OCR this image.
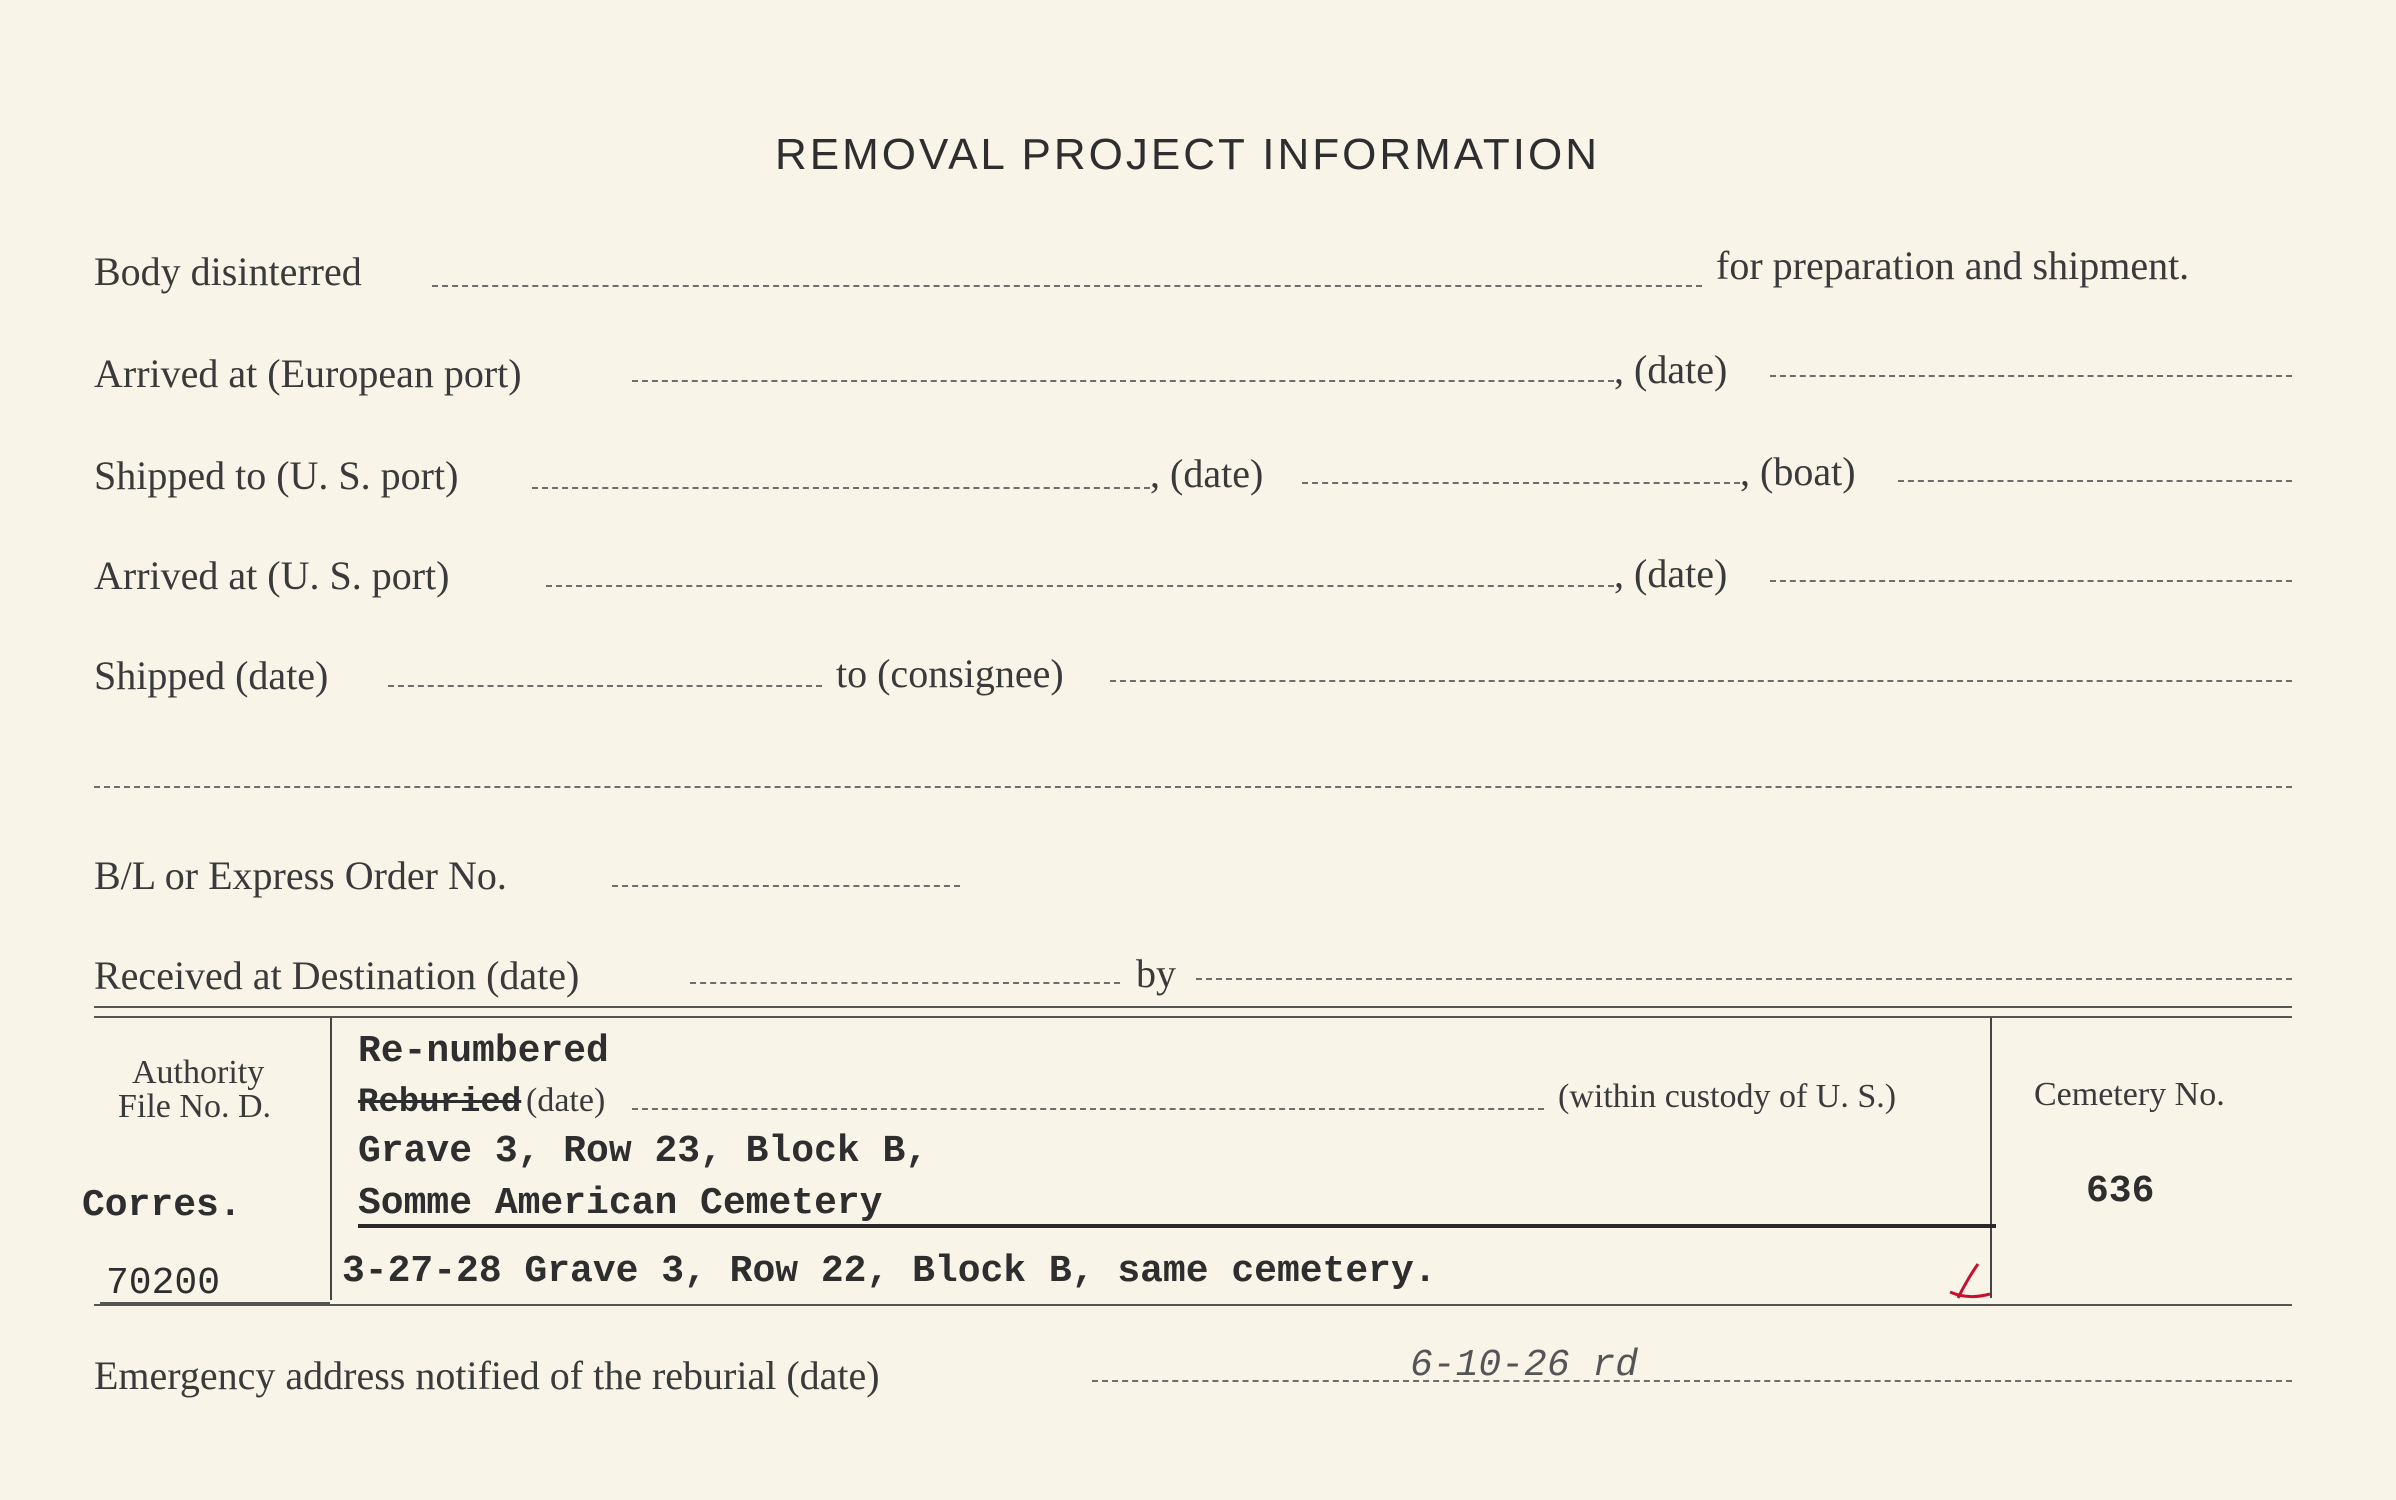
REMOVAL PROJECT INFORMATION
Body disinterred	for preparation and shipment.
Arrived at (European port)	, (date)
Shipped to (U. S. port)	, (date)	, (boat)
Arrived at (U. S. port)	, (date)
Shipped (date)	to (consignee)
B/L or Express Order No.
Received at Destination (date)	by
Authority
File No. D.
Corres.
70200
Re-numbered
Reburied (date)	(within custody of U. S.)
Grave 3, Row 23, Block B,
Somme American Cemetery
3-27-28 Grave 3, Row 22, Block B, same cemetery.
Cemetery No.
636
Emergency address notified of the reburial (date)	6-10-26 rd
